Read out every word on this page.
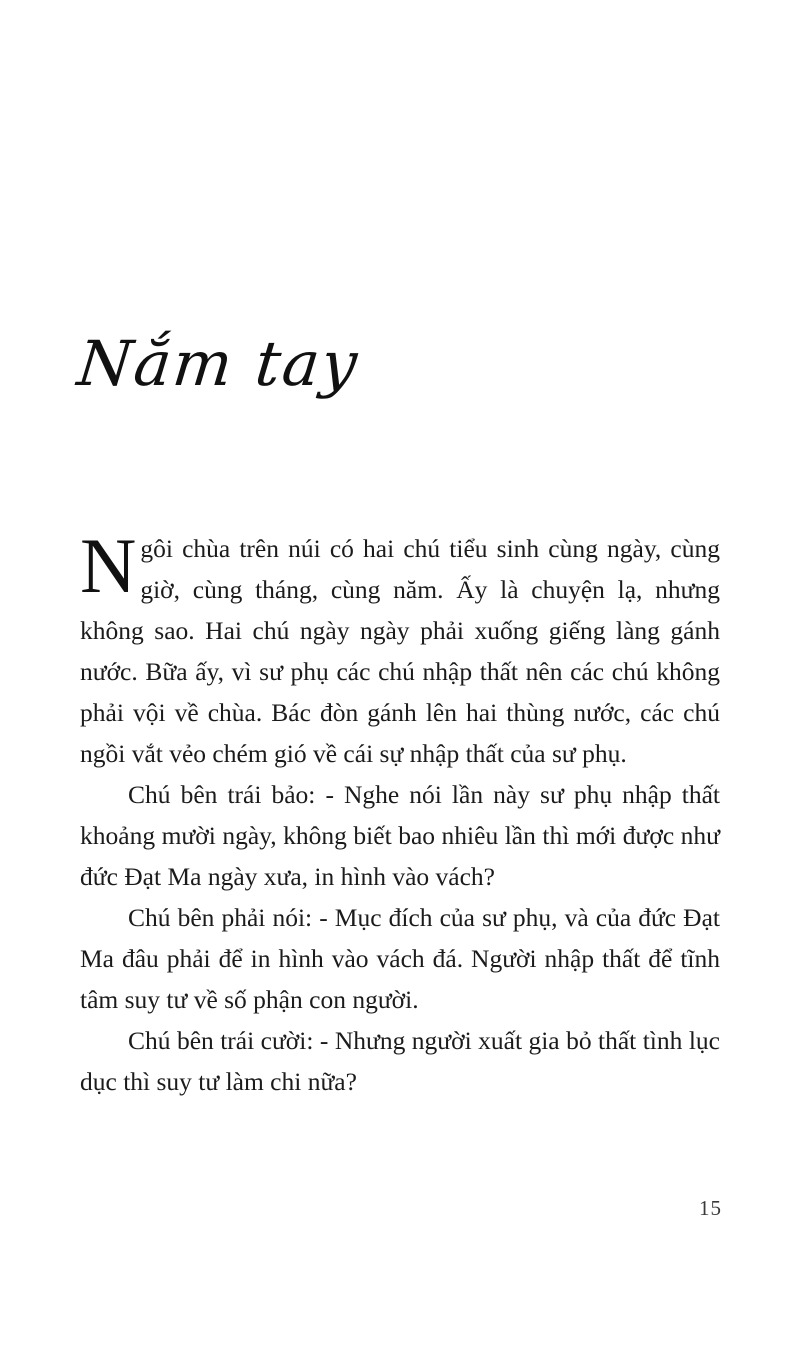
Nắm tay

Ngôi chùa trên núi có hai chú tiểu sinh cùng ngày, cùng giờ, cùng tháng, cùng năm. Ấy là chuyện lạ, nhưng không sao. Hai chú ngày ngày phải xuống giếng làng gánh nước. Bữa ấy, vì sư phụ các chú nhập thất nên các chú không phải vội về chùa. Bác đòn gánh lên hai thùng nước, các chú ngồi vắt vẻo chém gió về cái sự nhập thất của sư phụ.

Chú bên trái bảo: - Nghe nói lần này sư phụ nhập thất khoảng mười ngày, không biết bao nhiêu lần thì mới được như đức Đạt Ma ngày xưa, in hình vào vách?

Chú bên phải nói: - Mục đích của sư phụ, và của đức Đạt Ma đâu phải để in hình vào vách đá. Người nhập thất để tĩnh tâm suy tư về số phận con người.

Chú bên trái cười: - Nhưng người xuất gia bỏ thất tình lục dục thì suy tư làm chi nữa?

15
